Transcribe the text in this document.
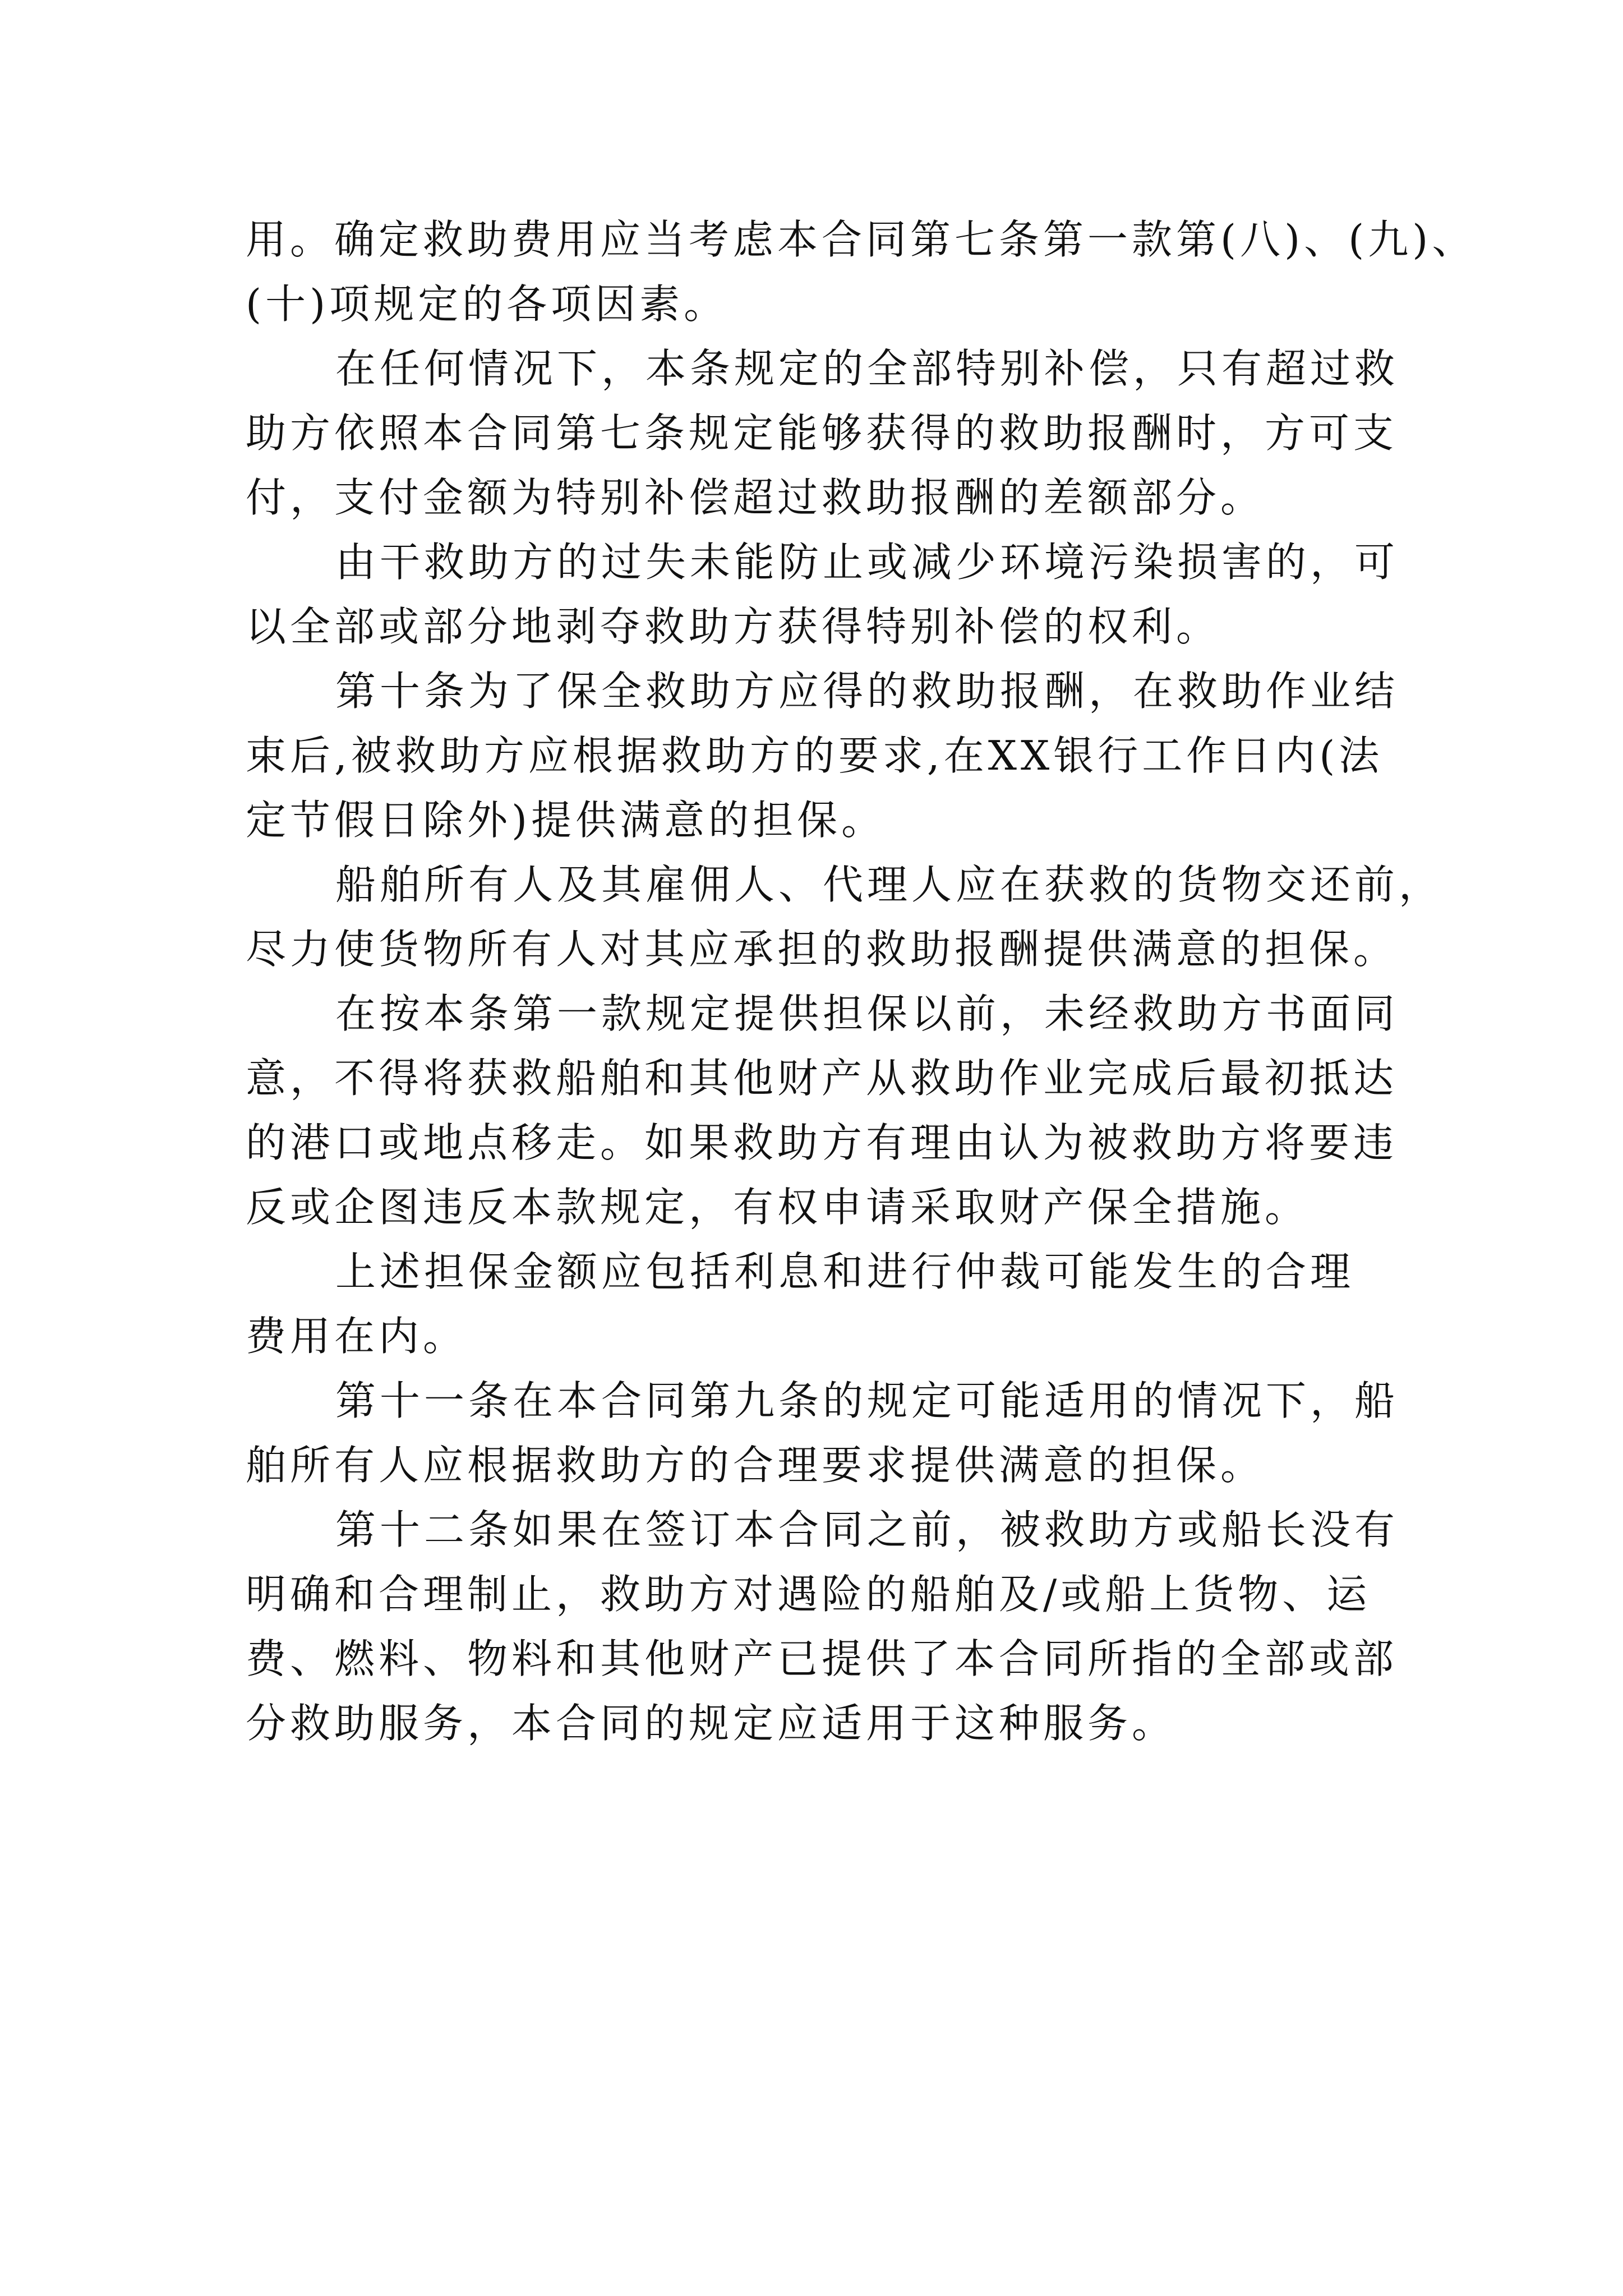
用。确定救助费用应当考虑本合同第七条第一款第(八)、(九)、
(十)项规定的各项因素。
在任何情况下，本条规定的全部特别补偿，只有超过救
助方依照本合同第七条规定能够获得的救助报酬时，方可支
付，支付金额为特别补偿超过救助报酬的差额部分。
由干救助方的过失未能防止或减少环境污染损害的，可
以全部或部分地剥夺救助方获得特别补偿的权利。
第十条为了保全救助方应得的救助报酬，在救助作业结
束后,被救助方应根据救助方的要求,在XX银行工作日内(法
定节假日除外)提供满意的担保。
船舶所有人及其雇佣人、代理人应在获救的货物交还前，
尽力使货物所有人对其应承担的救助报酬提供满意的担保。
在按本条第一款规定提供担保以前，未经救助方书面同
意，不得将获救船舶和其他财产从救助作业完成后最初抵达
的港口或地点移走。如果救助方有理由认为被救助方将要违
反或企图违反本款规定，有权申请采取财产保全措施。
上述担保金额应包括利息和进行仲裁可能发生的合理
费用在内。
第十一条在本合同第九条的规定可能适用的情况下，船
舶所有人应根据救助方的合理要求提供满意的担保。
第十二条如果在签订本合同之前，被救助方或船长没有
明确和合理制止，救助方对遇险的船舶及/或船上货物、运
费、燃料、物料和其他财产已提供了本合同所指的全部或部
分救助服务，本合同的规定应适用于这种服务。
